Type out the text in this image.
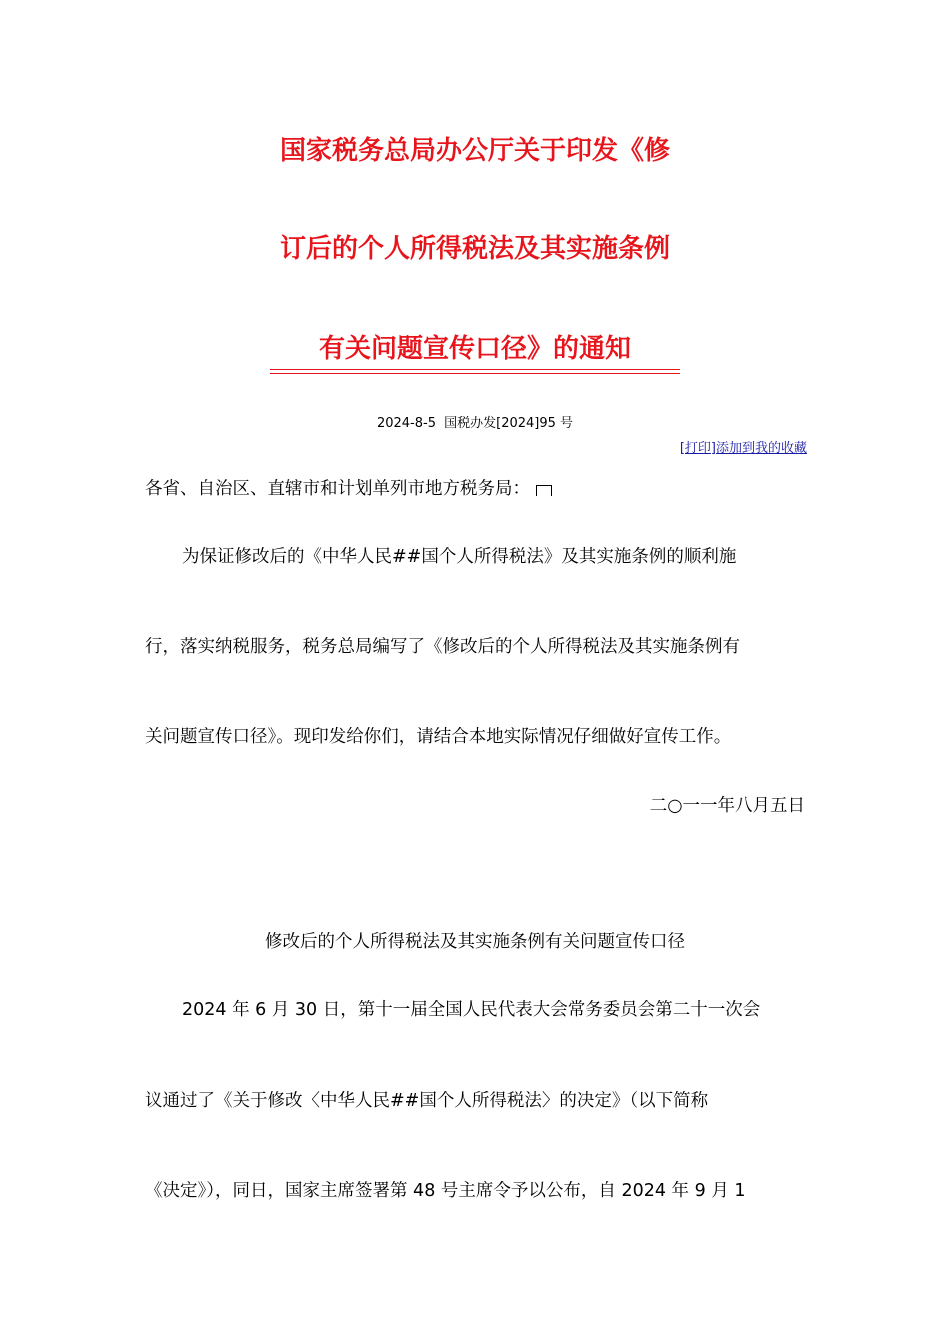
国家税务总局办公厅关于印发《修
订后的个人所得税法及其实施条例
有关问题宣传口径》的通知
2024-8-5 国税办发[2024]95 号
[打印]添加到我的收藏
各省、自治区、直辖市和计划单列市地方税务局：
为保证修改后的《中华人民##国个人所得税法》及其实施条例的顺利施
行，落实纳税服务，税务总局编写了《修改后的个人所得税法及其实施条例有
关问题宣传口径》。现印发给你们，请结合本地实际情况仔细做好宣传工作。
二○一一年八月五日
修改后的个人所得税法及其实施条例有关问题宣传口径
2024 年 6 月 30 日，第十一届全国人民代表大会常务委员会第二十一次会
议通过了《关于修改〈中华人民##国个人所得税法〉的决定》（以下简称
《决定》），同日，国家主席签署第 48 号主席令予以公布，自 2024 年 9 月 1
